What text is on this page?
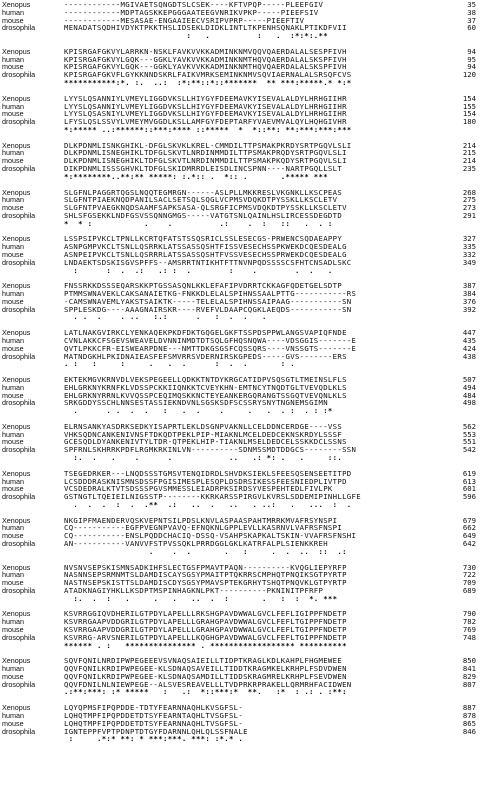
Xenopus	------------MGIVAETSQNGDTSLCSEK----KFTVPQP-----PLEEFGIV	35
human	------------MDPTAGSKKEPGGGAATEEGVNRIKVPKP-----PIEEFSIV	38
mouse	------------MESASAE-ENGAAIEECVSRIPVPRP-----PIEEFTIV	37
drosophila	MENADATSQDHIVDYKTPKKTHSLIDSEKLDIDKLINTLTKPENHSQNAKLPTIKDFVII	60
:   .          :   .  :*:*:.**
Xenopus	KPISRGAFGKVYLARRKN-NSKLFAVKVVKKADMINKNMVQQVQAERDALALSESPFIVH	94
human	KPISRGAFGKVYLGQK---GGKLYAVKVVKKADMINKNMTHQVQAERDALALSKSPFIVH	95
mouse	KPISRGAFGKVYLGQK---GGKLYAVKVVKKADMINKNMTHQVQAERDALALSKSPFIVH	94
drosophila	KPISRGAFGKVFLGYKKNNDSKRLFAIKVMRKSEMINKNMVSQVIAERNALALSRSQFCVS	120
***********:*. :.  ..:  :*:**::*::*******  ** ***:*****.* *:*
Xenopus	LYYSLQSANNIYLVMEYLIGGDVKSLLHIYGYFDEEMAVKYISEVALALDYLHRHGIIHR	154
human	LYYSLQSANNIYLVMEYLIGGDVKSLLHIYGYFDEEMAVKYISEVALALDYLHRHGIIHR	155
mouse	LYYSLQSASNIYLVMEYLIGGDVKSLLHIYGYFDEEMAVKYISEVALALDYLHRHGIIHR	154
drosophila	LFYSLQSLSSVYLVMEYMVGGDLKSLLAMFGYFDEPTARFYVAEVMVALQYLHQHGIVHR	180
*:***** ..:******::***:**** ::*****  *  *::**: **:***:***:***
Xenopus	DLKPDNMLISNKGHIKL-DFGLSKVKLKREL-CMMDILTTPSMAKPKRDYSRTPGQVLSLI	214
human	DLKPDNMLISNEGHIKLTDFGLSKVTLNRDINMMDILTTPSMAKPRQDYSRTPGQVLSLI	215
mouse	DLKPDNMLISNEGHIKLTDFGLSKVTLNRDINMMDILTTPSMAKPKQDYSRTPGQVLSLI	214
drosophila	DIKPDNMLISSSGHVKLTDFGLSKIDMRRDLEISDLINCSPNN----NARTPGQLLSLT	235
*:********..**:** *****: :.*:: .  *:: .       .***** ***
Xenopus	SLGFNLPAGGRTQGSLNQQTEGMRGN------ASLPLLMKKRESLVKGNKLLKSCPEAS	268
human	SLGFNTPIAEKNQDPANILSACLSETSQLSQGLVCPMSVDQKDTPYSSKLLKSCLETV	275
mouse	SLGFNTPVAEGKNQDSAAMFSAPKSASA-QLSRGFICPMSVDQKDTPYSSKLLKSCLETV	273
drosophila	SHLSFGSEKKLNDFGSVSSQNNGMGS-----VATGTSNLQAINLHSLIRCESSDEGDTD	291
*  * :           .    .          .:    .  :   ::   .  . :
Xenopus	LSSPSIPVKCLTPNLLKCRTQFATSTSSQSRICLSSLESECGS-PRWENCSQDAEAPPY	327
human	ASNPGMPVKCLTSNLLQSRRKLATSSASSQSHTFISSVESECHSSPKWEKDCQESDEALG	335
mouse	ASNPEIPVKCLTSNLLQSRRRLATSSASSQSHTFVSSVESECHSSPRWEKDCQESDEALG	332
drosophila	LNDAEKTSDSKISGVSPFFS--AMSRRTNTIKHTFTTNVNPQDSSSSCSFHTCNSADLSKC	349
:      :  .  .:   .: :  .        :    .        .  .   .
Xenopus	FNSSRKKDSSSEQARSKKPTGSSASQNLKKLEFAFIPVDRRTCKKAGFQDETGELSDTP	387
human	PTMMSWNAVEKLCAKSANAIETKG-FNKKDLELALSPIHNSSAALPTTG-----------RS	384
mouse	-CAMSWNAVEMLYAKSTSAIKTK-----TELELALSPIHNSSAIPAAG-----------SN	376
drosophila	SPPLESKDG----AAAGNAIRSKR----RVEFVLDAAPCQGKLAEQDS-----------SN	392
. .  .    . ..   :.:      .   :  .  .   .
Xenopus	LATLNAKGVIRKCLYENKAQEKPKDFDKTGQGELGKFTSSPDSPPWLANGSVAPIQFNDE	447
human	CVNLAKKCFSGEVSWEAVELDVNNINMDTDTSQLGFHQSNQWA----VDSGGIS-------E	435
mouse	QVTLPKKCFR-EISWEARPDNE---NMTTDKGSGSFCQSSQRS----VNSSGTS-------E	424
drosophila	MATNDGKHLPKIDNAIEASFEFSMVRRSVDERNIRSKGPEDS-----GVS-------ERS	438
. :   :     :     .   .  .      :  .  .       : .
Xenopus	EKTEKMGVKRNVDLVEKSPEGEELLQDKKTNTDYKRGCATIDPVSQSGTLTMEINSLFLS	507
human	EHLGRKNYKRNFKLVDSSPCKKIIQNKKTCVEYKHN-EMTNCYTNQDTGLTVEVQDLKLS	494
mouse	EHLGRKNYRRNLKVVQSSPCEQIMQSKKNCTEYEANKERGQRANGTSSGQTVEVQNLKLS	484
drosophila	SRKGDDYSSCHLNNSESTASSIEKNDVNLSGSKSDFSCSSRYSNYTNGNEMSGIMN	498
.      . .  .  .   :   .  .    .     .   .  . :  . : :*
Xenopus	ELRNSANKYASDRKSEDKYISAPRTLEKLDSGNPVAKNLLCELDDNCERDGE----VSS	562
human	VHKSQDNCANKENIVNSFTDKQDTPEKLPIP-MIAKNLMCELDEDCEKNSKRDYLSSSF	553
mouse	GCESQDLDYANKENIVTYLTDR-QTPEKLHIP-TIAKNLMSELDEDCELSSKKDCLSSNS	551
drosophila	SPFRNLSKHRRKPDFLRGMKRKINLVN----------SDNMSSMDTDDGCS--------SSN	542
:.  .   .    .      .            ..   .: *: .   .     ::.
Xenopus	TSEGEDRKER---LNQDSSSTGMSVTENQIDRDLSHVDKSIEKLSFEESQSENSEETITPD	619
human	LCSDDDRASKNISMNSDSSFPGISIMESPLESQPLDSDRSIKESSFEESNIEDPLIVTPD	613
mouse	VCSDEDRALKTVTSDSSSPGVSMMESSLEIADRPKSIRDSYVESPEHTEDLFIVLPK	601
drosophila	GSTNGTLTQEIEILNIGSSTP--------KKRKARSSPIRGVLKVRSLSDDEMIPINHLLGFE	596
.  .  .  :  .  .**  .:   ..  .   ..   . ..:   .   ...  :  .
Xenopus	NKGIPFMAENDERVQSKVEPNTSILPDSLKNVLASPAASPAHTMRRKMVAFRSYNSPI	679
human	CQ-----------EGFPVEGNPVAVQ-EFNQKNLGPPLEVLLKASRNVLVAFRSFNSPI	662
mouse	CQ-----------ENSLPQDDCHACIQ-DSSQ-VSAHPSKAPKALTSKIN-VVAFRSFNSHI	649
drosophila	AN-----------VANVVFSTPVSSQKLPRRDGGLGKLKATRFALPLSIENKKREH	642
.    .  .       .   :     .  .  ..  ::  .:
Xenopus	NVSNVSEPSKISMNSADKIHFSLECTGSFPMAVTPAQN----------KVQGLIEPYRFP	730
human	NASNNSEPSRMNMTSLDAMDISCAYSGSYPMAITPTQKRRSCMPHQTPNQIKSGTPYRTP	722
mouse	NASTNSEPSKISTTSLDAMDISCDYSGSYPMAVSPTEKGRHYTSHQTPNQVKLGTPYRTP	709
drosophila	ATADKNAGIYHKLLKSDPTMSPINHAGKNLPKT----------PKNINITPFRFP	689
:.  .  :   .     .   .   ..  .  :       .   :  :  *. ***
Xenopus	KSVRRGGIQVDHERILGTPDYLAPELLLRKSHGPAVDWWALGVCLFEFLIGIPPFNDETP	790
human	KSVRRGAAPVDDGRILGTPDYLAPELLLGRAHGPAVDWWALGVCLFEFLTGIPPFNDETP	782
mouse	KSVRRGAAPVDDGRILGTPDYLAPELLLGRAHGPAVDWWALGVCLFEFLTGIPPFNDETP	769
drosophila	KSVRRG-ARVSNERILGTPDYLAPELLLKQGHGPAVDWWALGVCLFEFLTGIPPFNDETP	748
****** . :   *************** . ****************** **********
Xenopus	SQVFQNILNRDIPWPEGEEEVSVNAQSAIEILLTIDPTKRAGLKDLKAHPLFHGMEWEE	850
human	QQVFQNILKRDIPWPEGEE-KLSDNAQSAVEILLTIDDTKRAGMKELKRHPLFSDVDWEN	841
mouse	QQVFQNILKRDIPWPEGEE-KLSDNAQSAMDILLTIDDSKRAGMRELKRHPLFSEVDWEN	829
drosophila	QQVFDNILNLNIEWPEGE--ALSVESREAVELLLTVDPRKRPRAKELLQRMRHFACIDWEN	807
.:**:***: :* *****   :   .:  *::***:*  **.   :*  : .: . :**:
Xenopus	LQYQPMSFIPQPDDE-TDTYFEARNNAQHLKVSGFSL-	887
human	LQHQTMPFIPQPDDETDTSYFEARNTAQHLTVSGFSL-	878
mouse	LQHQTMPFIPQPDDETDTSYFEARNNAQHLTVSGFSL-	865
drosophila	IGNTEPPFVPTPDNPTDTGYFDARNNLQHLQLSSFNALE	846
:     .*:* **: * ***:***. ***: :*.* .
